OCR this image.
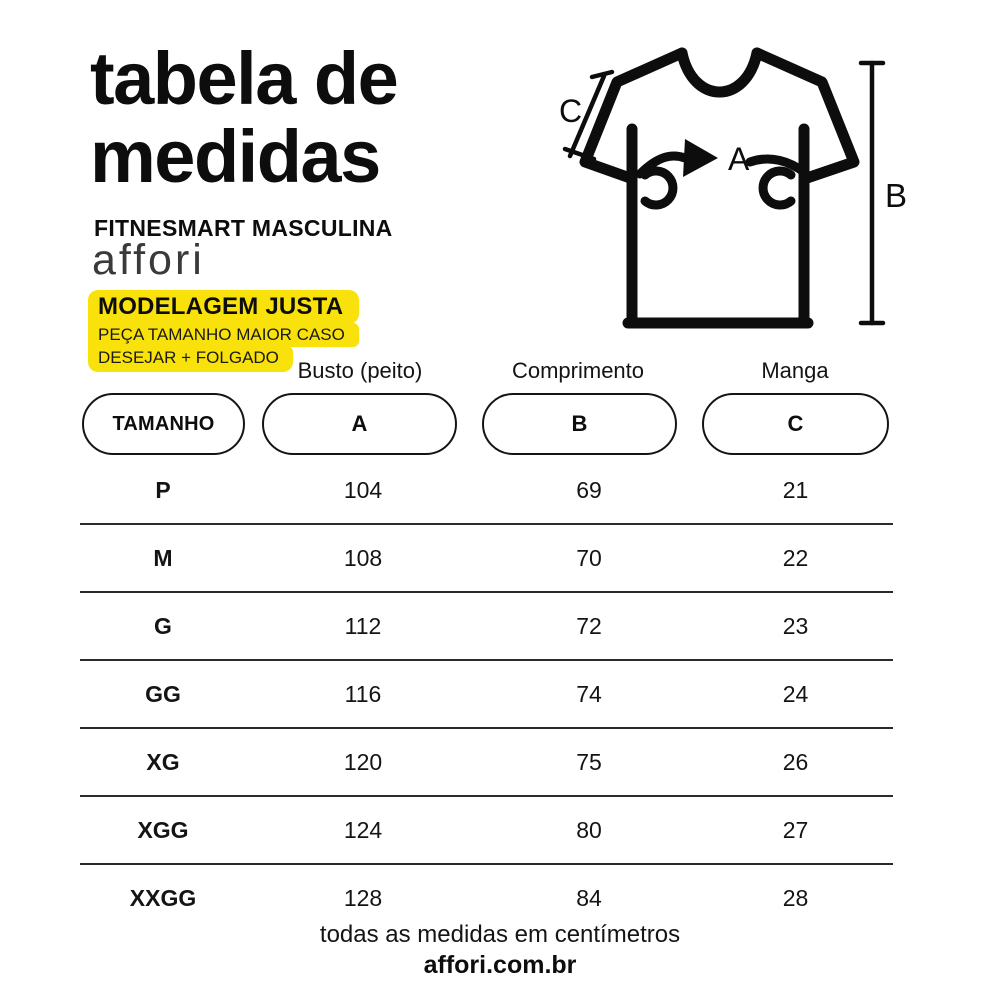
tabela de
medidas
FITNESMART MASCULINA
affori
MODELAGEM JUSTA
PEÇA TAMANHO MAIOR CASO
DESEJAR + FOLGADO
A
C
B
Busto (peito)	Comprimento	Manga
TAMANHO	A	B	C
P	104	69	21
M	108	70	22
G	112	72	23
GG	116	74	24
XG	120	75	26
XGG	124	80	27
XXGG	128	84	28
todas as medidas em centímetros
affori.com.br
